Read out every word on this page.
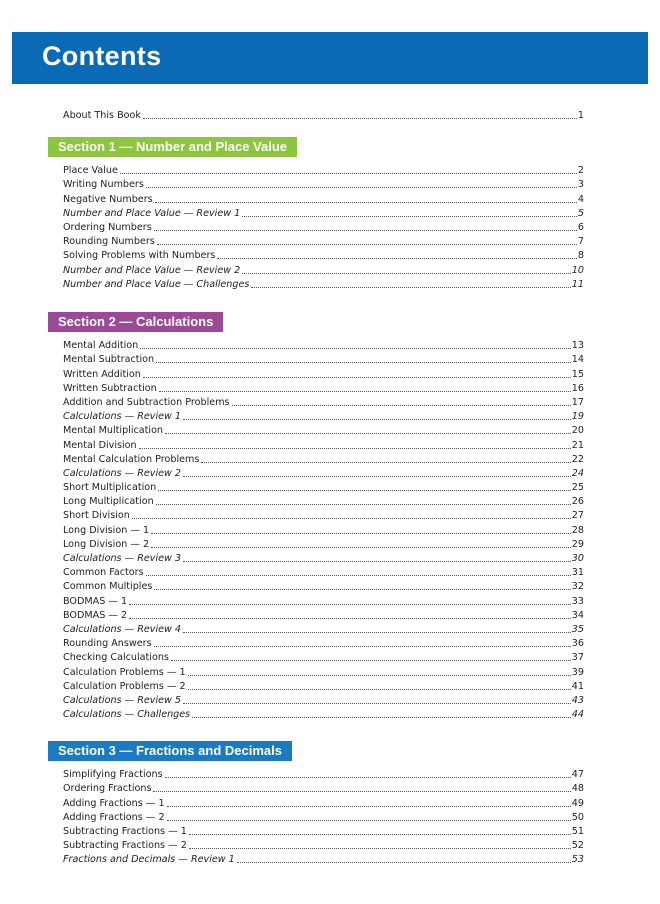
Contents
About This Book	1
Section 1 — Number and Place Value
Section 2 — Calculations
Section 3 — Fractions and Decimals
Place Value	2
Writing Numbers	3
Negative Numbers	4
Number and Place Value — Review 1	5
Ordering Numbers	6
Rounding Numbers	7
Solving Problems with Numbers	8
Number and Place Value — Review 2	10
Number and Place Value — Challenges	11
Mental Addition	13
Mental Subtraction	14
Written Addition	15
Written Subtraction	16
Addition and Subtraction Problems	17
Calculations — Review 1	19
Mental Multiplication	20
Mental Division	21
Mental Calculation Problems	22
Calculations — Review 2	24
Short Multiplication	25
Long Multiplication	26
Short Division	27
Long Division — 1	28
Long Division — 2	29
Calculations — Review 3	30
Common Factors	31
Common Multiples	32
BODMAS — 1	33
BODMAS — 2	34
Calculations — Review 4	35
Rounding Answers	36
Checking Calculations	37
Calculation Problems — 1	39
Calculation Problems — 2	41
Calculations — Review 5	43
Calculations — Challenges	44
Simplifying Fractions	47
Ordering Fractions	48
Adding Fractions — 1	49
Adding Fractions — 2	50
Subtracting Fractions — 1	51
Subtracting Fractions — 2	52
Fractions and Decimals — Review 1	53
